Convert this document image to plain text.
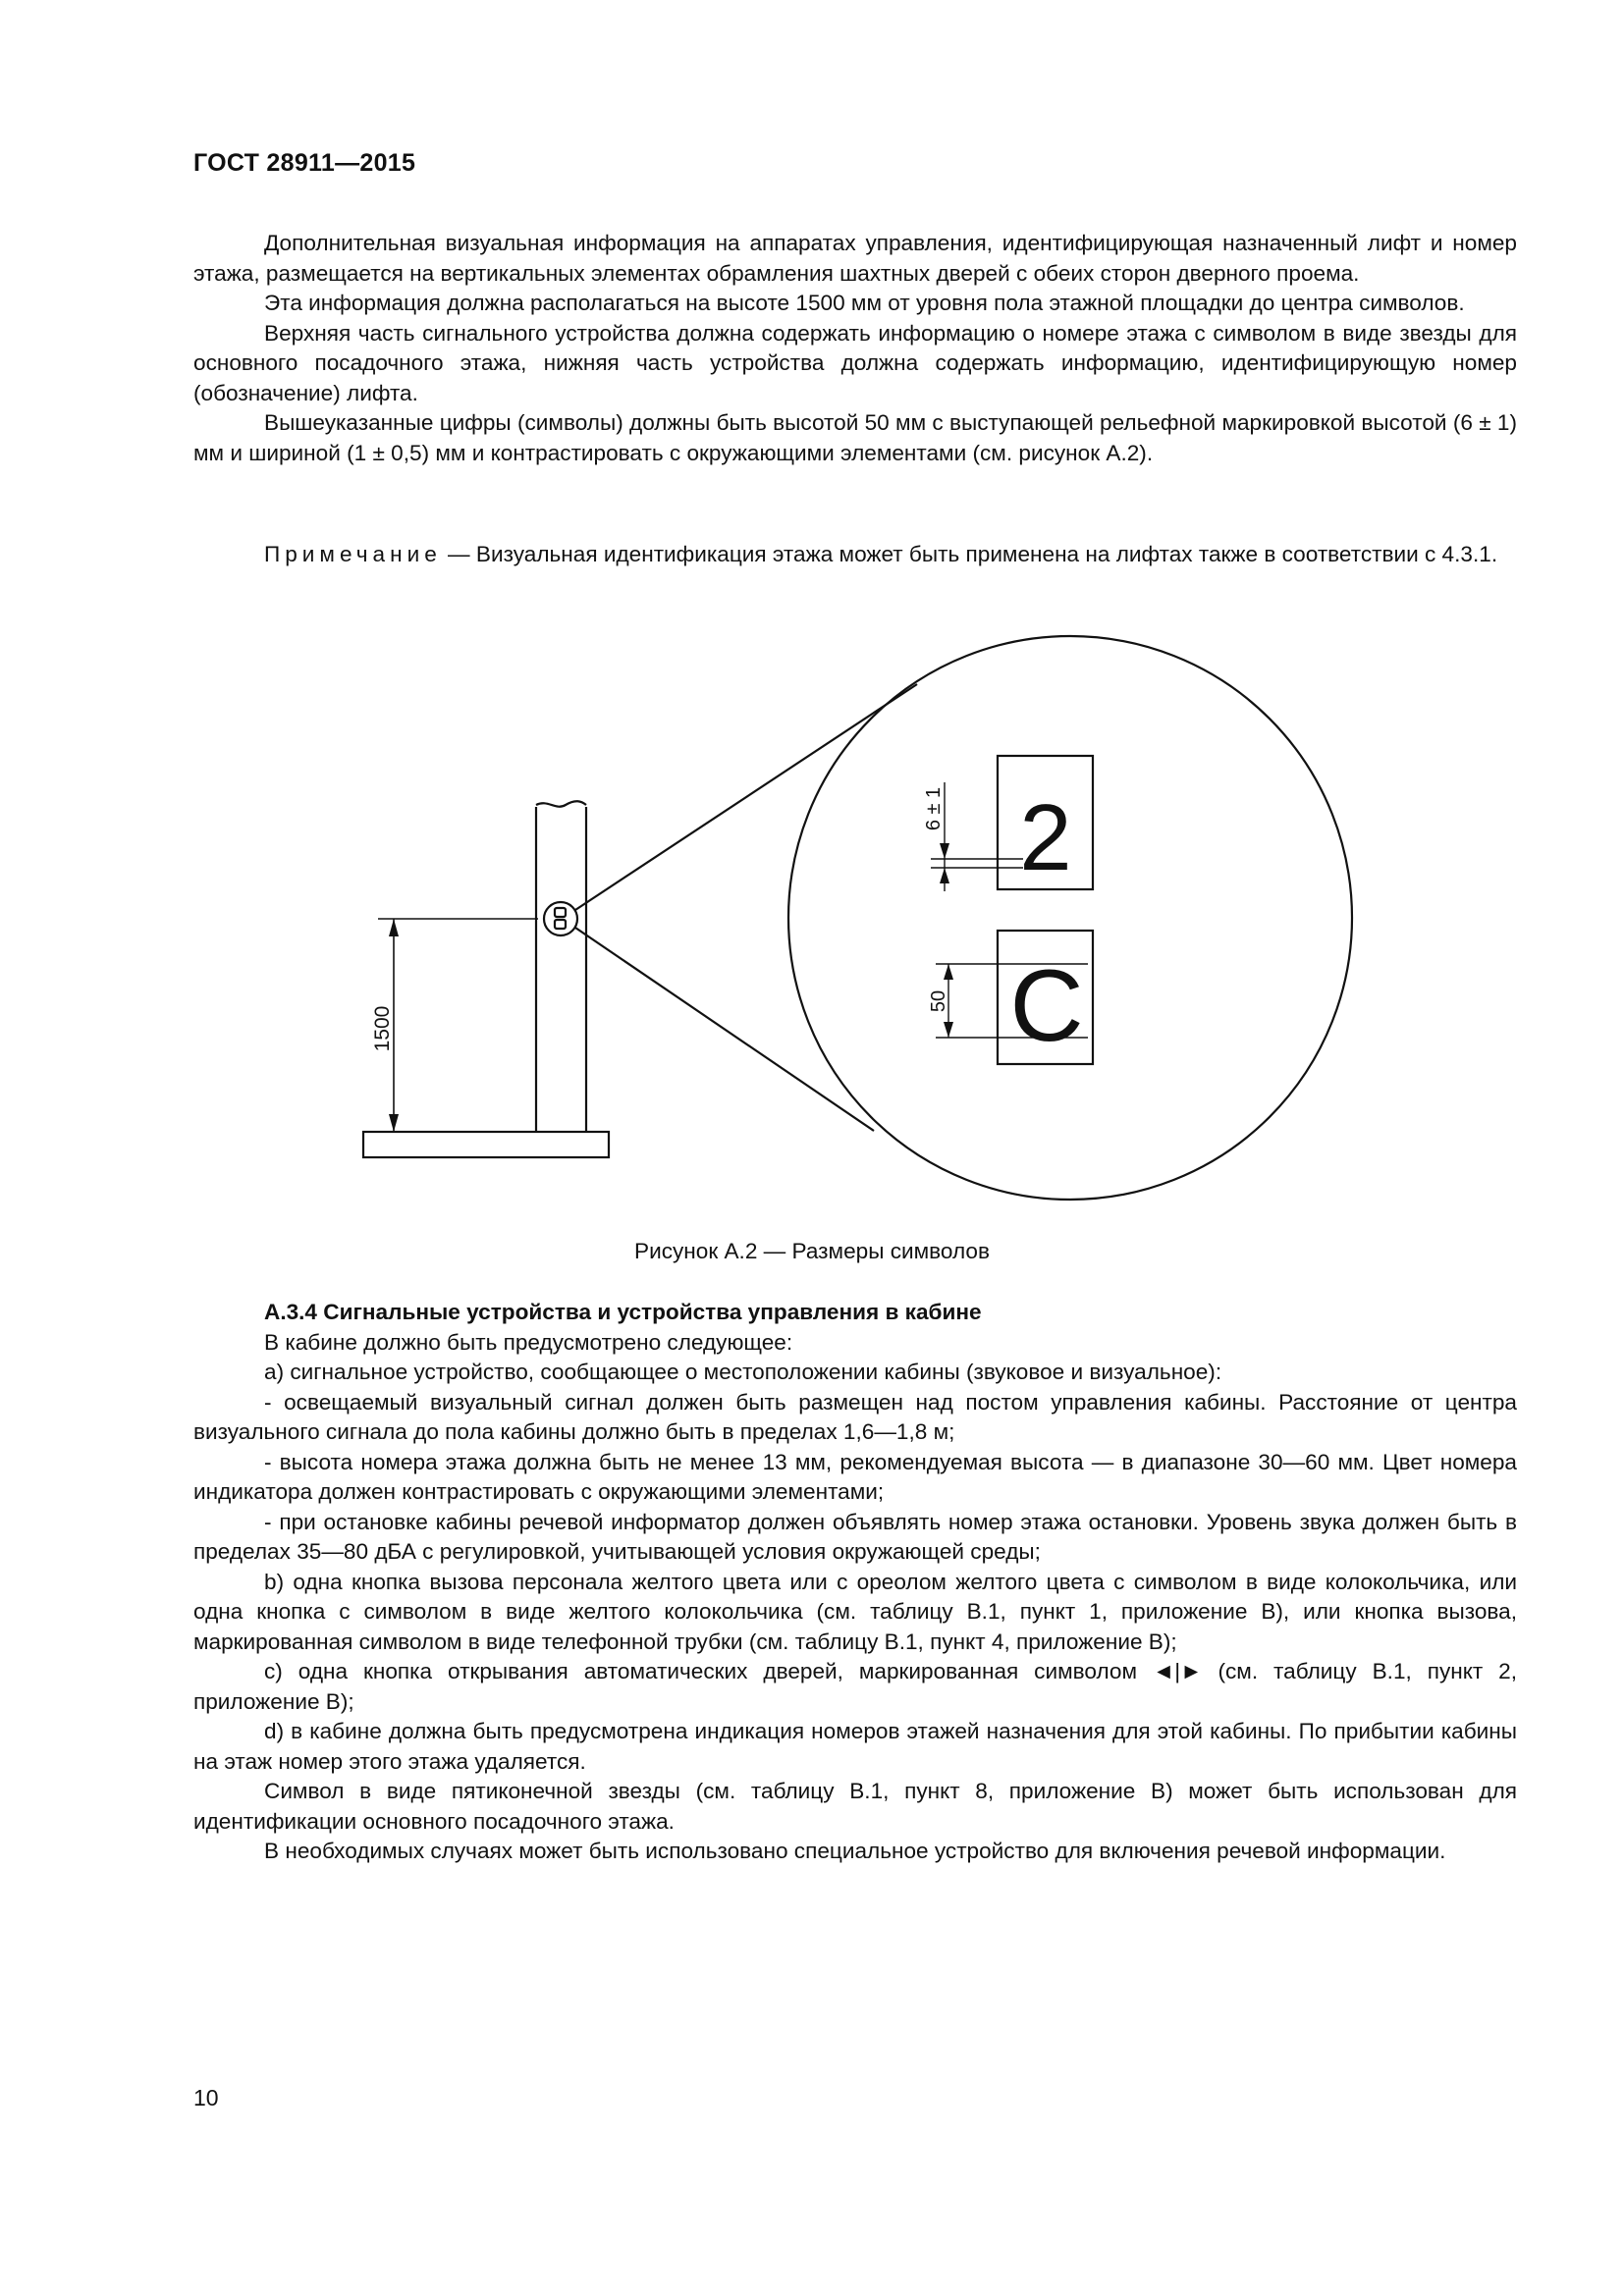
ГОСТ 28911—2015

Дополнительная визуальная информация на аппаратах управления, идентифицирующая назначенный лифт и номер этажа, размещается на вертикальных элементах обрамления шахтных дверей с обеих сторон дверного проема.

Эта информация должна располагаться на высоте 1500 мм от уровня пола этажной площадки до центра символов.

Верхняя часть сигнального устройства должна содержать информацию о номере этажа с символом в виде звезды для основного посадочного этажа, нижняя часть устройства должна содержать информацию, идентифицирующую номер (обозначение) лифта.

Вышеуказанные цифры (символы) должны быть высотой 50 мм с выступающей рельефной маркировкой высотой (6 ± 1) мм и шириной (1 ± 0,5) мм и контрастировать с окружающими элементами (см. рисунок А.2).

Примечание — Визуальная идентификация этажа может быть применена на лифтах также в соответствии с 4.3.1.

1500
6 ± 1
50
2
C
Рисунок А.2 — Размеры символов

А.3.4 Сигнальные устройства и устройства управления в кабине

В кабине должно быть предусмотрено следующее:

а) сигнальное устройство, сообщающее о местоположении кабины (звуковое и визуальное):

- освещаемый визуальный сигнал должен быть размещен над постом управления кабины. Расстояние от центра визуального сигнала до пола кабины должно быть в пределах 1,6—1,8 м;

- высота номера этажа должна быть не менее 13 мм, рекомендуемая высота — в диапазоне 30—60 мм. Цвет номера индикатора должен контрастировать с окружающими элементами;

- при остановке кабины речевой информатор должен объявлять номер этажа остановки. Уровень звука должен быть в пределах 35—80 дБА с регулировкой, учитывающей условия окружающей среды;

b) одна кнопка вызова персонала желтого цвета или с ореолом желтого цвета с символом в виде колокольчика, или одна кнопка с символом в виде желтого колокольчика (см. таблицу В.1, пункт 1, приложение В), или кнопка вызова, маркированная символом в виде телефонной трубки (см. таблицу В.1, пункт 4, приложение В);

c) одна кнопка открывания автоматических дверей, маркированная символом ◄|► (см. таблицу В.1, пункт 2, приложение В);

d) в кабине должна быть предусмотрена индикация номеров этажей назначения для этой кабины. По прибытии кабины на этаж номер этого этажа удаляется.

Символ в виде пятиконечной звезды (см. таблицу В.1, пункт 8, приложение В) может быть использован для идентификации основного посадочного этажа.

В необходимых случаях может быть использовано специальное устройство для включения речевой информации.

10
